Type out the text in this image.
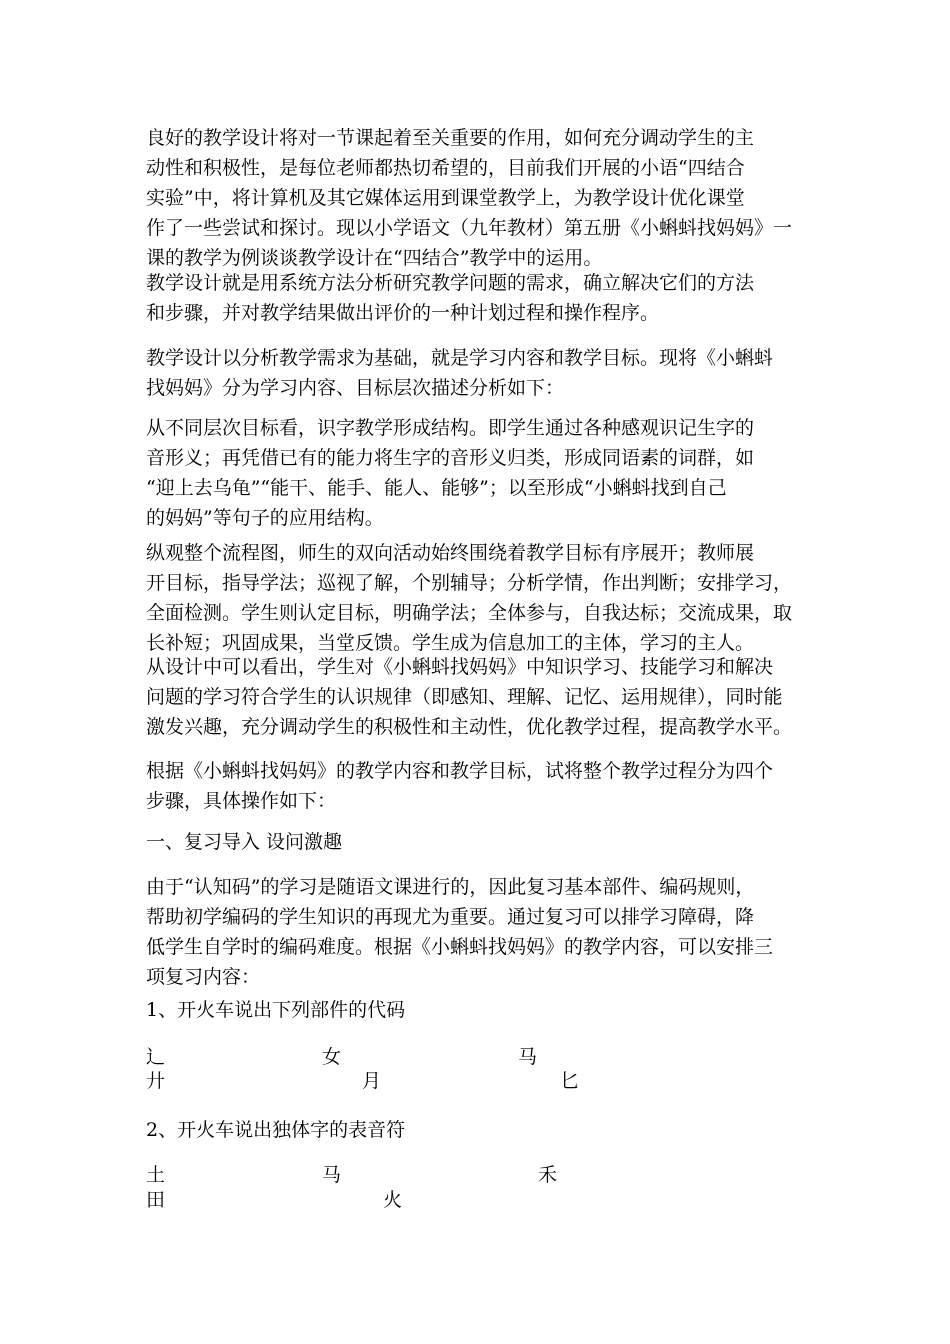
良好的教学设计将对一节课起着至关重要的作用，如何充分调动学生的主
动性和积极性，是每位老师都热切希望的，目前我们开展的小语“四结合
实验”中，将计算机及其它媒体运用到课堂教学上，为教学设计优化课堂
作了一些尝试和探讨。现以小学语文（九年教材）第五册《小蝌蚪找妈妈》一
课的教学为例谈谈教学设计在“四结合”教学中的运用。
教学设计就是用系统方法分析研究教学问题的需求，确立解决它们的方法
和步骤，并对教学结果做出评价的一种计划过程和操作程序。
教学设计以分析教学需求为基础，就是学习内容和教学目标。现将《小蝌蚪
找妈妈》分为学习内容、目标层次描述分析如下：
从不同层次目标看，识字教学形成结构。即学生通过各种感观识记生字的
音形义；再凭借已有的能力将生字的音形义归类，形成同语素的词群，如
“迎上去乌龟”“能干、能手、能人、能够”；以至形成“小蝌蚪找到自己
的妈妈”等句子的应用结构。
纵观整个流程图，师生的双向活动始终围绕着教学目标有序展开；教师展
开目标，指导学法；巡视了解，个别辅导；分析学情，作出判断；安排学习，
全面检测。学生则认定目标，明确学法；全体参与，自我达标；交流成果，取
长补短；巩固成果，当堂反馈。学生成为信息加工的主体，学习的主人。
从设计中可以看出，学生对《小蝌蚪找妈妈》中知识学习、技能学习和解决
问题的学习符合学生的认识规律（即感知、理解、记忆、运用规律），同时能
激发兴趣，充分调动学生的积极性和主动性，优化教学过程，提高教学水平。
根据《小蝌蚪找妈妈》的教学内容和教学目标，试将整个教学过程分为四个
步骤，具体操作如下：
一、复习导入 设问激趣
由于“认知码”的学习是随语文课进行的，因此复习基本部件、编码规则，
帮助初学编码的学生知识的再现尤为重要。通过复习可以排学习障碍，降
低学生自学时的编码难度。根据《小蝌蚪找妈妈》的教学内容，可以安排三
项复习内容：
1、开火车说出下列部件的代码
辶	女	马
廾	月	匕
2、开火车说出独体字的表音符
土	马	禾
田	火
